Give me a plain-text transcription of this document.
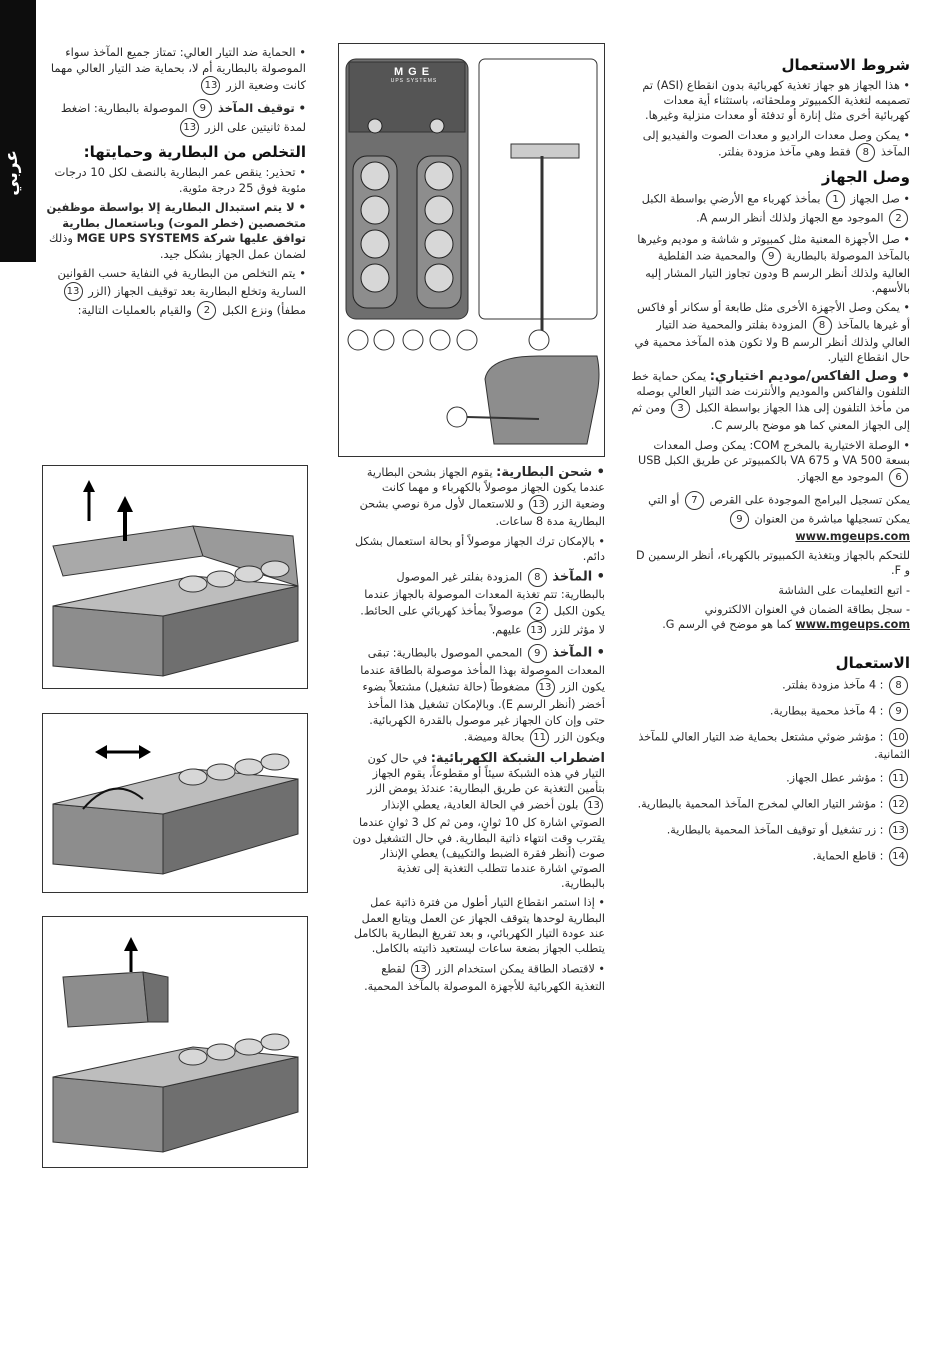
عربي

• الحماية ضد التيار العالي: تمتاز جميع المآخذ سواء الموصولة بالبطارية أم لا، بحماية ضد التيار العالي مهما كانت وضعية الزر 13

• توقيف المآخذ 9 الموصولة بالبطارية: اضغط لمدة ثانيتين على الزر 13

التخلص من البطارية وحمايتها:

• تحذير: ينقص عمر البطارية بالنصف لكل 10 درجات مئوية فوق 25 درجة مئوية.

• لا يتم استبدال البطارية إلا بواسطة موظفين متخصصين (خطر الموت) وباستعمال بطارية توافق عليها شركة MGE UPS SYSTEMS وذلك لضمان عمل الجهاز بشكل جيد.

• يتم التخلص من البطارية في النفاية حسب القوانين السارية وتخلع البطارية بعد توقيف الجهاز (الزر 13 مطفأ) ونزع الكبل 2 والقيام بالعمليات التالية:

MGE
UPS SYSTEMS

• شحن البطارية: يقوم الجهاز بشحن البطارية عندما يكون الجهاز موصولاً بالكهرباء و مهما كانت وضعية الزر 13 و للاستعمال لأول مرة نوصي بشحن البطارية مدة 8 ساعات.

• بالإمكان ترك الجهاز موصولاً أو بحالة استعمال بشكل دائم.

• المآخذ 8 المزودة بفلتر غير الموصول بالبطارية: تتم تغذية المعدات الموصولة بالجهاز عندما يكون الكبل 2 موصولاً بمأخذ كهربائي على الحائط. لا مؤثر للزر 13 عليهم.

• المآخذ 9 المحمي الموصول بالبطارية: تبقى المعدات الموصولة بهذا المأخذ موصولة بالطاقة عندما يكون الزر 13 مضغوطاً (حالة تشغيل) مشتعلاً بضوء أخضر (أنظر الرسم E). وبالإمكان تشغيل هذا المأخذ حتى وإن كان الجهاز غير موصول بالقدرة الكهربائية. ويكون الزر 11 بحالة وميضة.

اضطراب الشبكة الكهربائية: في حال كون التيار في هذه الشبكة سيئاً أو مقطوعاً، يقوم الجهاز بتأمين التغذية عن طريق البطارية: عندئذ يومض الزر 13 بلون أخضر في الحالة العادية، يعطي الإنذار الصوتي اشارة كل 10 ثوانٍ، ومن ثم كل 3 ثوانٍ عندما يقترب وقت انتهاء ذاتية البطارية. في حال التشغيل دون صوت (أنظر فقرة الضبط والتكييف) يعطي الإنذار الصوتي اشارة عندما تتطلب التغذية إلى تغذية بالبطارية.

• إذا استمر انقطاع التيار أطول من فترة ذاتية عمل البطارية لوحدها يتوقف الجهاز عن العمل ويتابع العمل عند عودة التيار الكهربائي، و بعد تفريغ البطارية بالكامل يتطلب الجهاز بضعة ساعات ليستعيد ذاتيته بالكامل.

• لاقتصاد الطاقة يمكن استخدام الزر 13 لقطع التغذية الكهربائية للأجهزة الموصولة بالمآخذ المحمية.

شروط الاستعمال

• هذا الجهاز هو جهاز تغذية كهربائية بدون انقطاع (ASI) تم تصميمه لتغذية الكمبيوتر وملحقاته، باستثناء أية معدات كهربائية أخرى مثل إنارة أو تدفئة أو معدات منزلية وغيرها.

• يمكن وصل معدات الراديو و معدات الصوت والفيديو إلى المآخذ 8 فقط وهي مآخذ مزودة بفلتر.

وصل الجهاز

• صل الجهاز 1 بمأخذ كهرباء مع الأرضي بواسطة الكبل 2 الموجود مع الجهاز ولذلك أنظر الرسم A.

• صل الأجهزة المعنية مثل كمبيوتر و شاشة و موديم وغيرها بالمآخذ الموصولة بالبطارية 9 والمحمية ضد الفلطية العالية ولذلك أنظر الرسم B ودون تجاوز التيار المشار إليه بالأسهم.

• يمكن وصل الأجهزة الأخرى مثل طابعة أو سكانر أو فاكس أو غيرها بالمآخذ 8 المزودة بفلتر والمحمية ضد التيار العالي ولذلك أنظر الرسم B ولا تكون هذه المآخذ محمية في حال انقطاع التيار.

• وصل الفاكس/موديم اختياري: يمكن حماية خط التلفون والفاكس والموديم والأنترنت ضد التيار العالي بوصله من مأخذ التلفون إلى هذا الجهاز بواسطة الكبل 3 ومن ثم إلى الجهاز المعني كما هو موضح بالرسم C.

• الوصلة الاختيارية بالمخرج COM: يمكن وصل المعدات بسعة 500 VA و 675 VA بالكمبيوتر عن طريق الكبل USB 6 الموجود مع الجهاز.

يمكن تسجيل البرامج الموجودة على القرص 7 أو التي يمكن تسجيلها مباشرة من العنوان 9
www.mgeups.com

للتحكم بالجهاز وبتغذية الكمبيوتر بالكهرباء، أنظر الرسمين D و F.

- اتبع التعليمات على الشاشة

- سجل بطاقة الضمان في العنوان الالكتروني
www.mgeups.com كما هو موضح في الرسم G.

الاستعمال
8 : 4 مآخذ مزودة بفلتر.
9 : 4 مآخذ محمية ببطارية.
10 : مؤشر ضوئي مشتعل بحماية ضد التيار العالي للمآخذ الثمانية.
11 : مؤشر عطل الجهاز.
12 : مؤشر التيار العالي لمخرج المآخذ المحمية بالبطارية.
13 : زر تشغيل أو توقيف المآخذ المحمية بالبطارية.
14 : قاطع الحماية.
